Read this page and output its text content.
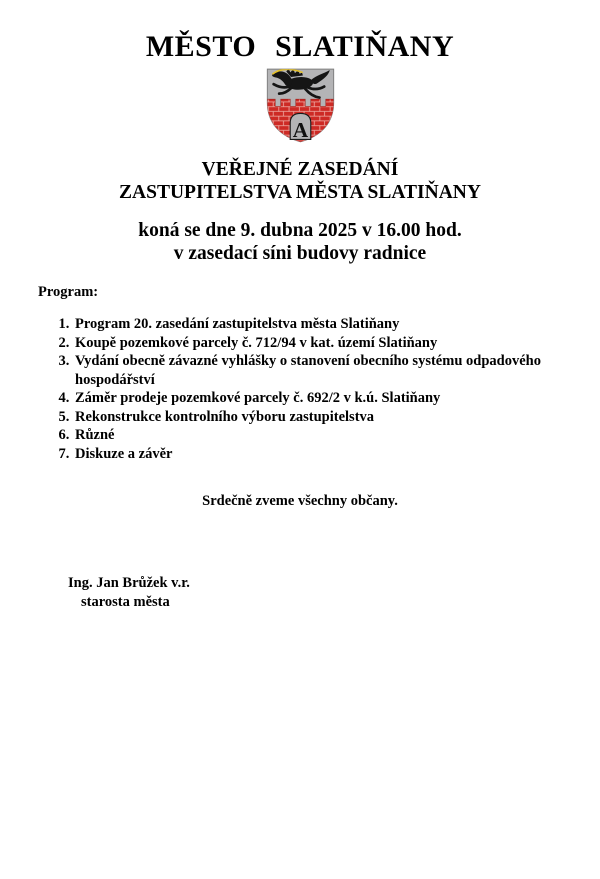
MĚSTO SLATIŇANY
A
VEŘEJNÉ ZASEDÁNÍ
ZASTUPITELSTVA MĚSTA SLATIŇANY
koná se dne 9. dubna 2025 v 16.00 hod.
v zasedací síni budovy radnice
Program:
1. Program 20. zasedání zastupitelstva města Slatiňany
2. Koupě pozemkové parcely č. 712/94 v kat. území Slatiňany
3. Vydání obecně závazné vyhlášky o stanovení obecního systému odpadového hospodářství
4. Záměr prodeje pozemkové parcely č. 692/2 v k.ú. Slatiňany
5. Rekonstrukce kontrolního výboru zastupitelstva
6. Různé
7. Diskuze a závěr
Srdečně zveme všechny občany.
Ing. Jan Brůžek v.r.
starosta města
